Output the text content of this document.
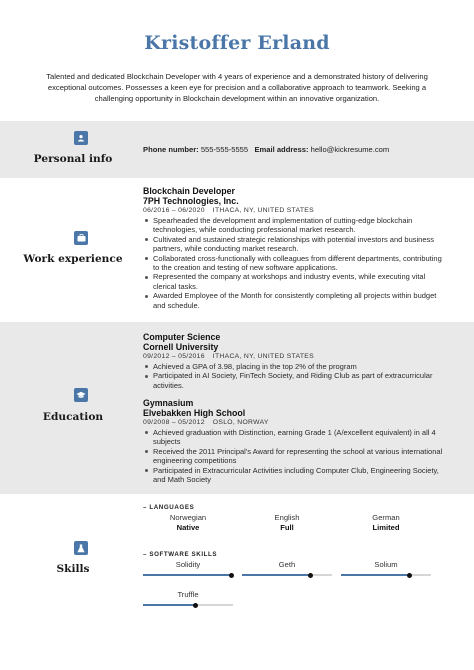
Kristoffer Erland
Talented and dedicated Blockchain Developer with 4 years of experience and a demonstrated history of delivering exceptional outcomes. Possesses a keen eye for precision and a collaborative approach to teamwork. Seeking a challenging opportunity in Blockchain development within an innovative organization.
Personal info
Phone number: 555-555-5555 Email address: hello@kickresume.com
Work experience
Blockchain Developer
7PH Technologies, Inc.
06/2016 – 06/2020 ITHACA, NY, UNITED STATES
Spearheaded the development and implementation of cutting-edge blockchain technologies, while conducting professional market research.
Cultivated and sustained strategic relationships with potential investors and business partners, while conducting market research.
Collaborated cross-functionally with colleagues from different departments, contributing to the creation and testing of new software applications.
Represented the company at workshops and industry events, while executing vital clerical tasks.
Awarded Employee of the Month for consistently completing all projects within budget and schedule.
Education
Computer Science
Cornell University
09/2012 – 05/2016 ITHACA, NY, UNITED STATES
Achieved a GPA of 3.98, placing in the top 2% of the program
Participated in AI Society, FinTech Society, and Riding Club as part of extracurricular activities.
Gymnasium
Elvebakken High School
09/2008 – 05/2012 OSLO, NORWAY
Achieved graduation with Distinction, earning Grade 1 (A/excellent equivalent) in all 4 subjects
Received the 2011 Principal's Award for representing the school at various international engineering competitions
Participated in Extracurricular Activities including Computer Club, Engineering Society, and Math Society
Skills
– LANGUAGES
Norwegian
Native
English
Full
German
Limited
– SOFTWARE SKILLS
Solidity	Geth	Solium
Truffle
